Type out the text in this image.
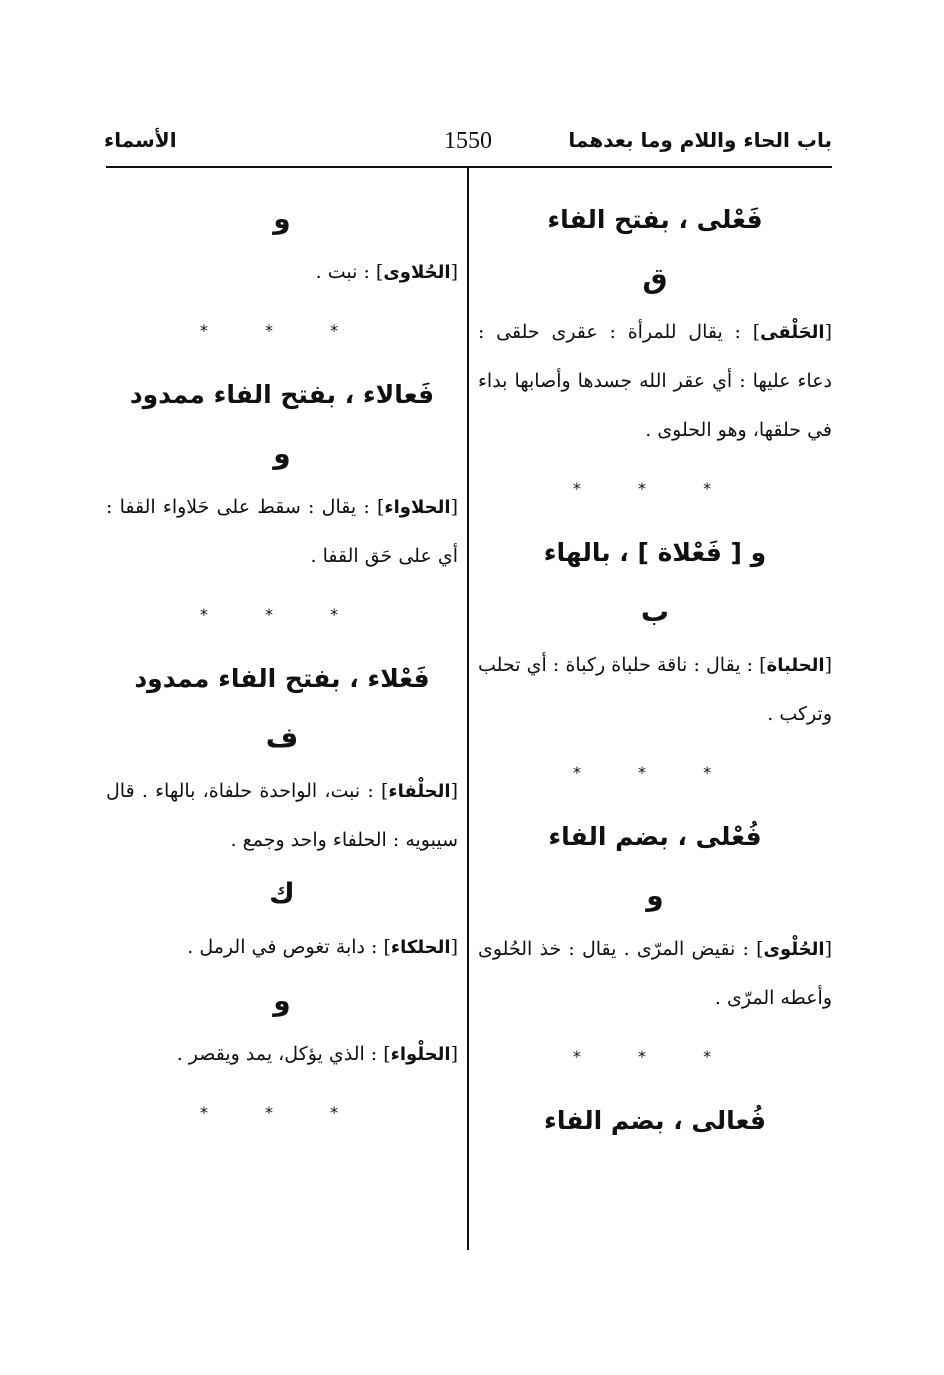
باب الحاء واللام وما بعدهما
1550
الأسماء

فَعْلى ، بفتح الفاء

ق

[الحَلْقى] : يقال للمرأة : عقرى حلقى : دعاء عليها : أي عقر الله جسدها وأصابها بداء في حلقها، وهو الحلوى .

* * *

و [ فَعْلاة ] ، بالهاء

ب

[الحلباة] : يقال : ناقة حلباة ركباة : أي تحلب وتركب .

* * *

فُعْلى ، بضم الفاء

و

[الحُلْوى] : نقيض المرّى . يقال : خذ الحُلوى وأعطه المرّى .

* * *

فُعالى ، بضم الفاء

و

[الحُلاوى] : نبت .

* * *

فَعالاء ، بفتح الفاء ممدود

و

[الحلاواء] : يقال : سقط على حَلاواء القفا : أي على حَق القفا .

* * *

فَعْلاء ، بفتح الفاء ممدود

ف

[الحلْفاء] : نبت، الواحدة حلفاة، بالهاء . قال سيبويه : الحلفاء واحد وجمع .

ك

[الحلكاء] : دابة تغوص في الرمل .

و

[الحلْواء] : الذي يؤكل، يمد ويقصر .

* * *
